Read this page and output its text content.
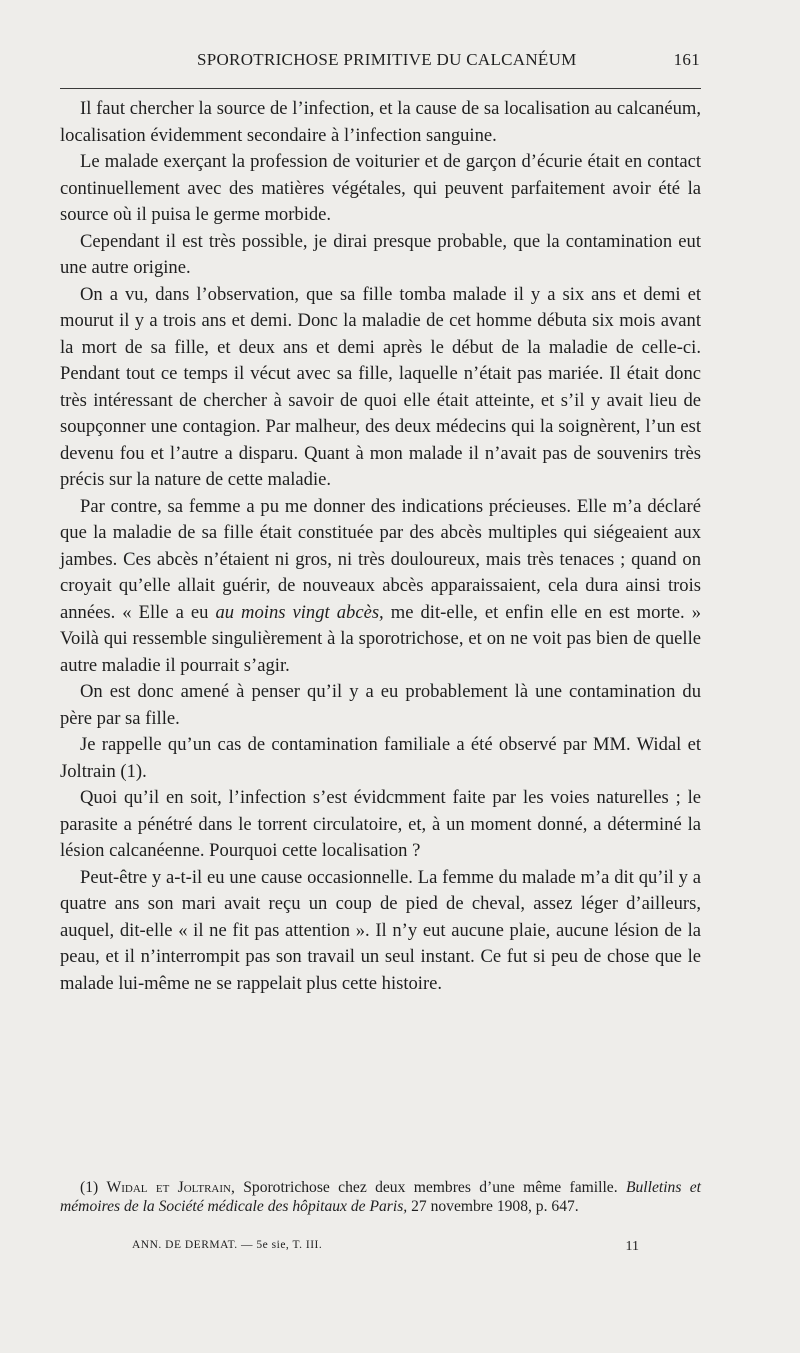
SPOROTRICHOSE PRIMITIVE DU CALCANÉUM	161

Il faut chercher la source de l’infection, et la cause de sa localisation au calcanéum, localisation évidemment secondaire à l’infection sanguine.

Le malade exerçant la profession de voiturier et de garçon d’écurie était en contact continuellement avec des matières végétales, qui peuvent parfaitement avoir été la source où il puisa le germe morbide.

Cependant il est très possible, je dirai presque probable, que la contamination eut une autre origine.

On a vu, dans l’observation, que sa fille tomba malade il y a six ans et demi et mourut il y a trois ans et demi. Donc la maladie de cet homme débuta six mois avant la mort de sa fille, et deux ans et demi après le début de la maladie de celle-ci. Pendant tout ce temps il vécut avec sa fille, laquelle n’était pas mariée. Il était donc très intéressant de chercher à savoir de quoi elle était atteinte, et s’il y avait lieu de soupçonner une contagion. Par malheur, des deux médecins qui la soignèrent, l’un est devenu fou et l’autre a disparu. Quant à mon malade il n’avait pas de souvenirs très précis sur la nature de cette maladie.

Par contre, sa femme a pu me donner des indications précieuses. Elle m’a déclaré que la maladie de sa fille était constituée par des abcès multiples qui siégeaient aux jambes. Ces abcès n’étaient ni gros, ni très douloureux, mais très tenaces ; quand on croyait qu’elle allait guérir, de nouveaux abcès apparaissaient, cela dura ainsi trois années. « Elle a eu au moins vingt abcès, me dit-elle, et enfin elle en est morte. » Voilà qui ressemble singulièrement à la sporotrichose, et on ne voit pas bien de quelle autre maladie il pourrait s’agir.

On est donc amené à penser qu’il y a eu probablement là une contamination du père par sa fille.

Je rappelle qu’un cas de contamination familiale a été observé par MM. Widal et Joltrain (1).

Quoi qu’il en soit, l’infection s’est évidcmment faite par les voies naturelles ; le parasite a pénétré dans le torrent circulatoire, et, à un moment donné, a déterminé la lésion calcanéenne. Pourquoi cette localisation ?

Peut-être y a-t-il eu une cause occasionnelle. La femme du malade m’a dit qu’il y a quatre ans son mari avait reçu un coup de pied de cheval, assez léger d’ailleurs, auquel, dit-elle « il ne fit pas attention ». Il n’y eut aucune plaie, aucune lésion de la peau, et il n’interrompit pas son travail un seul instant. Ce fut si peu de chose que le malade lui-même ne se rappelait plus cette histoire.

(1) Widal et Joltrain, Sporotrichose chez deux membres d’une même famille. Bulletins et mémoires de la Société médicale des hôpitaux de Paris, 27 novembre 1908, p. 647.

ANN. DE DERMAT. — 5e sie, T. III.	11
